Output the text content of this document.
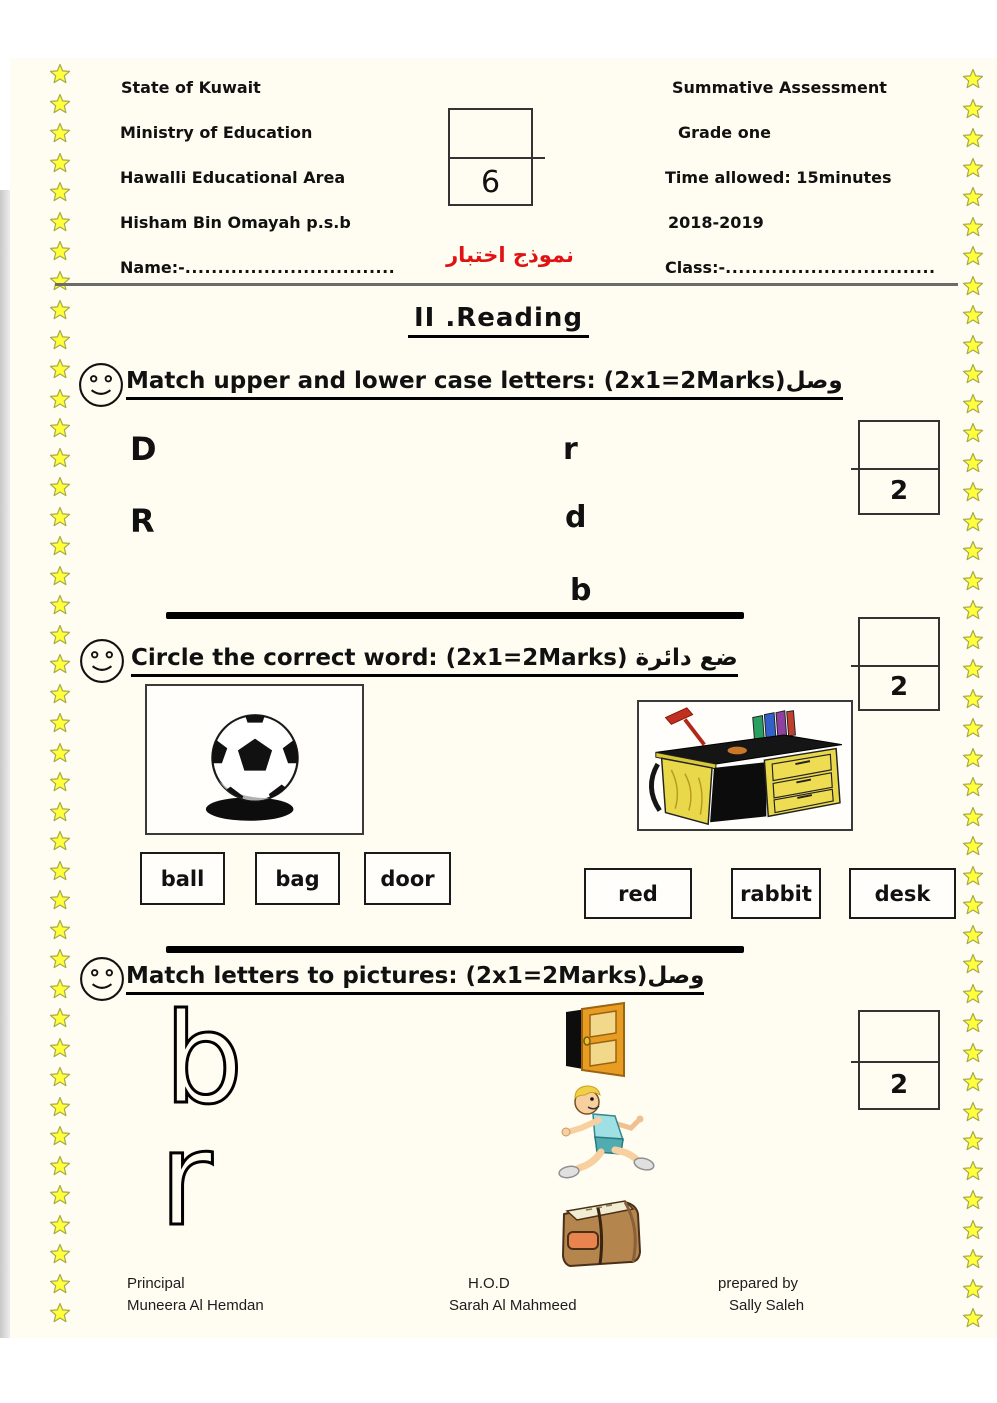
State of Kuwait
Ministry of Education
Hawalli Educational Area
Hisham Bin Omayah p.s.b
Name:-................................
Summative Assessment
Grade one
Time allowed: 15minutes
2018-2019
Class:-................................
6
نموذج اختبار
II .Reading
Match upper and lower case letters: (2x1=2Marks)وصل
D
R
r
d
b
2
Circle the correct word: (2x1=2Marks) ضع دائرة
2
ball	bag	door
red	rabbit	desk
Match letters to pictures: (2x1=2Marks)وصل
2
b
r
Principal
Muneera Al Hemdan
H.O.D
Sarah Al Mahmeed
prepared by
Sally Saleh
